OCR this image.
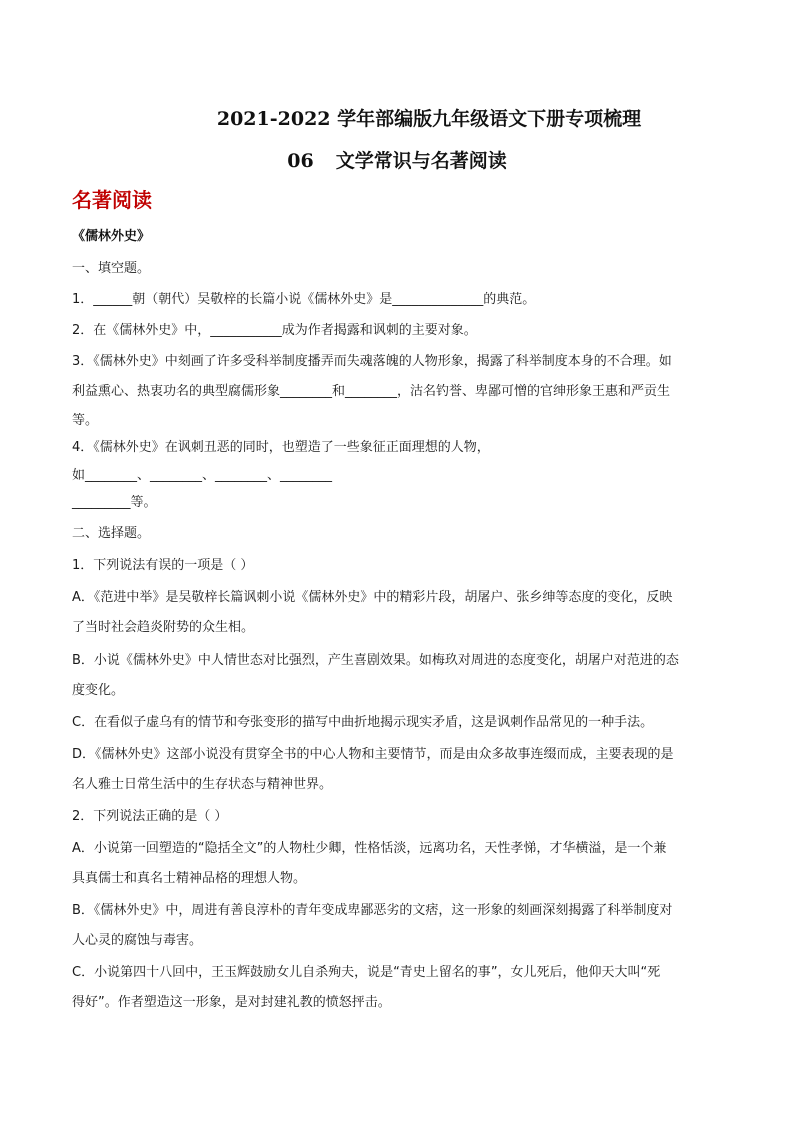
2021-2022 学年部编版九年级语文下册专项梳理
06 文学常识与名著阅读
名著阅读
《儒林外史》
一、填空题。
1．______朝（朝代）吴敬梓的长篇小说《儒林外史》是______________的典范。
2．在《儒林外史》中，___________成为作者揭露和讽刺的主要对象。
3．《儒林外史》中刻画了许多受科举制度播弄而失魂落魄的人物形象，揭露了科举制度本身的不合理。如
利益熏心、热衷功名的典型腐儒形象________和________，沽名钓誉、卑鄙可憎的官绅形象王惠和严贡生
等。
4．《儒林外史》在讽刺丑恶的同时，也塑造了一些象征正面理想的人物，
如________、________、________、________
_________等。
二、选择题。
1．下列说法有误的一项是（ ）
A．《范进中举》是吴敬梓长篇讽刺小说《儒林外史》中的精彩片段，胡屠户、张乡绅等态度的变化，反映
了当时社会趋炎附势的众生相。
B．小说《儒林外史》中人情世态对比强烈，产生喜剧效果。如梅玖对周进的态度变化，胡屠户对范进的态
度变化。
C．在看似子虚乌有的情节和夸张变形的描写中曲折地揭示现实矛盾，这是讽刺作品常见的一种手法。
D．《儒林外史》这部小说没有贯穿全书的中心人物和主要情节，而是由众多故事连缀而成，主要表现的是
名人雅士日常生活中的生存状态与精神世界。
2．下列说法正确的是（ ）
A．小说第一回塑造的“隐括全文”的人物杜少卿，性格恬淡，远离功名，天性孝悌，才华横溢，是一个兼
具真儒士和真名士精神品格的理想人物。
B．《儒林外史》中，周进有善良淳朴的青年变成卑鄙恶劣的文痞，这一形象的刻画深刻揭露了科举制度对
人心灵的腐蚀与毒害。
C．小说第四十八回中，王玉辉鼓励女儿自杀殉夫，说是“青史上留名的事”，女儿死后，他仰天大叫“死
得好”。作者塑造这一形象，是对封建礼教的愤怒抨击。
